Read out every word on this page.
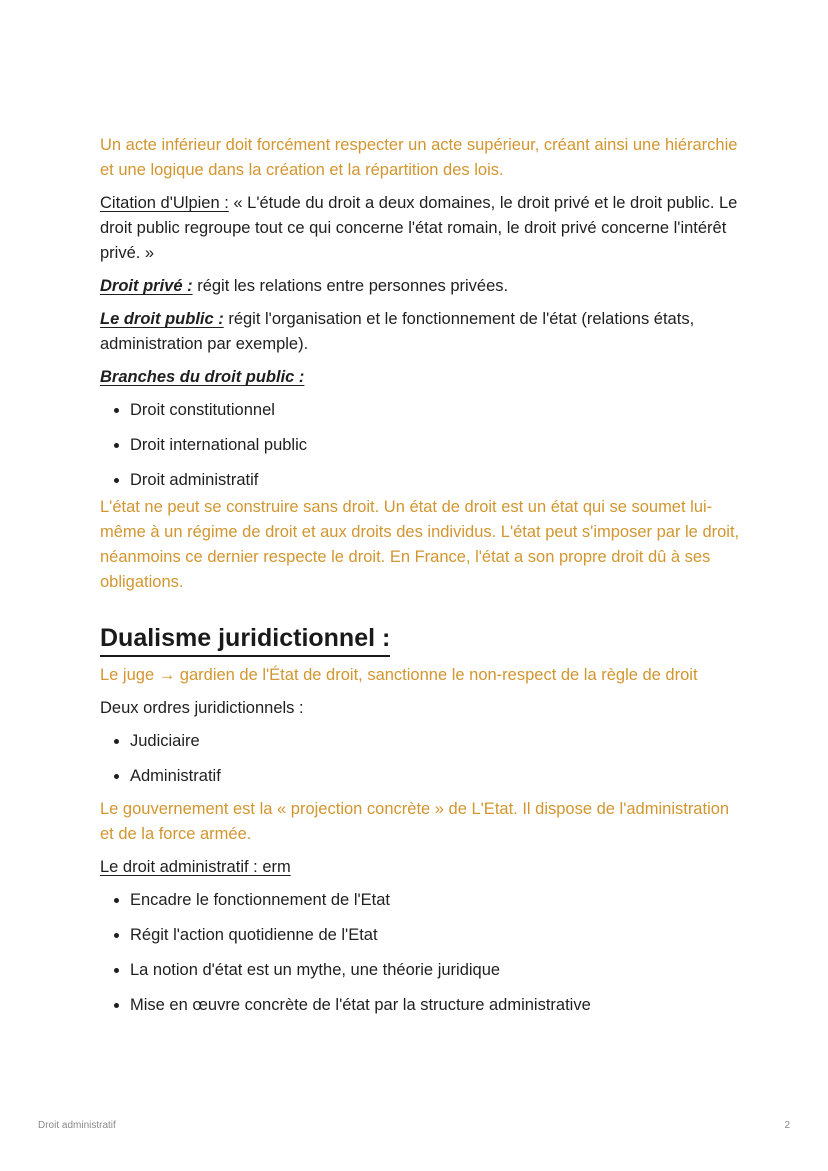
Un acte inférieur doit forcément respecter un acte supérieur, créant ainsi une hiérarchie et une logique dans la création et la répartition des lois.

Citation d'Ulpien : « L'étude du droit a deux domaines, le droit privé et le droit public. Le droit public regroupe tout ce qui concerne l'état romain, le droit privé concerne l'intérêt privé. »

Droit privé : régit les relations entre personnes privées.

Le droit public : régit l'organisation et le fonctionnement de l'état (relations états, administration par exemple).

Branches du droit public :

• Droit constitutionnel
• Droit international public
• Droit administratif

L'état ne peut se construire sans droit. Un état de droit est un état qui se soumet lui-même à un régime de droit et aux droits des individus. L'état peut s'imposer par le droit, néanmoins ce dernier respecte le droit. En France, l'état a son propre droit dû à ses obligations.

Dualisme juridictionnel :

Le juge → gardien de l'État de droit, sanctionne le non-respect de la règle de droit

Deux ordres juridictionnels :

• Judiciaire
• Administratif

Le gouvernement est la « projection concrète » de L'Etat. Il dispose de l'administration et de la force armée.

Le droit administratif : erm

• Encadre le fonctionnement de l'Etat
• Régit l'action quotidienne de l'Etat
• La notion d'état est un mythe, une théorie juridique
• Mise en œuvre concrète de l'état par la structure administrative
Droit administratif	2
